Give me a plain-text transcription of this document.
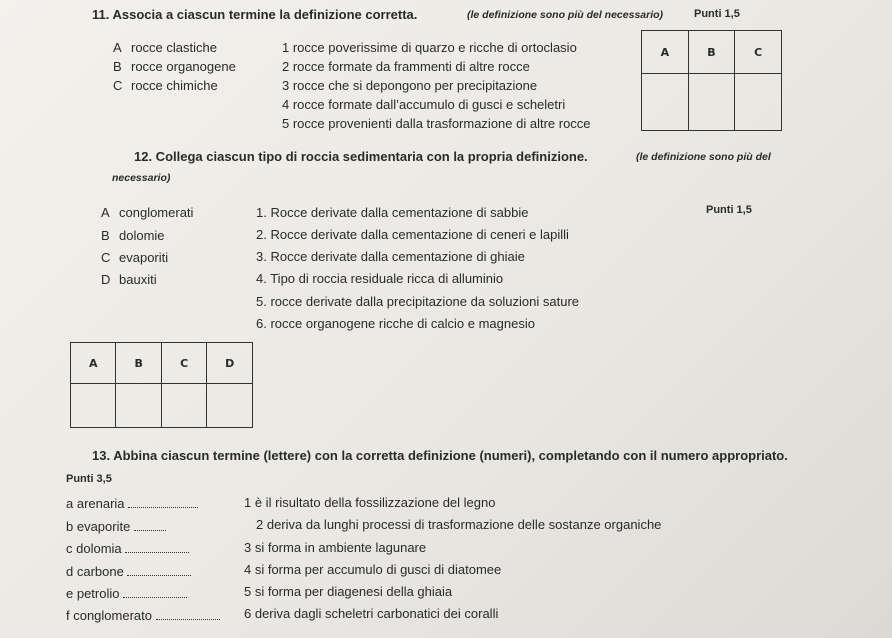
11. Associa a ciascun termine la definizione corretta.	(le definizione sono più del necessario)	Punti 1,5
A rocce clastiche
B rocce organogene
C rocce chimiche
1 rocce poverissime di quarzo e ricche di ortoclasio
2 rocce formate da frammenti di altre rocce
3 rocce che si depongono per precipitazione
4 rocce formate dall’accumulo di gusci e scheletri
5 rocce provenienti dalla trasformazione di altre rocce
A	B	C

12. Collega ciascun tipo di roccia sedimentaria con la propria definizione.	(le definizione sono più del
necessario)
Punti 1,5
A conglomerati
B dolomie
C evaporiti
D bauxiti
1. Rocce derivate dalla cementazione di sabbie
2. Rocce derivate dalla cementazione di ceneri e lapilli
3. Rocce derivate dalla cementazione di ghiaie
4. Tipo di roccia residuale ricca di alluminio
5. rocce derivate dalla precipitazione da soluzioni sature
6. rocce organogene ricche di calcio e magnesio
A	B	C	D

13. Abbina ciascun termine (lettere) con la corretta definizione (numeri), completando con il numero appropriato.
Punti 3,5
a arenaria
b evaporite
c dolomia
d carbone
e petrolio
f conglomerato
1 è il risultato della fossilizzazione del legno
2 deriva da lunghi processi di trasformazione delle sostanze organiche
3 si forma in ambiente lagunare
4 si forma per accumulo di gusci di diatomee
5 si forma per diagenesi della ghiaia
6 deriva dagli scheletri carbonatici dei coralli
